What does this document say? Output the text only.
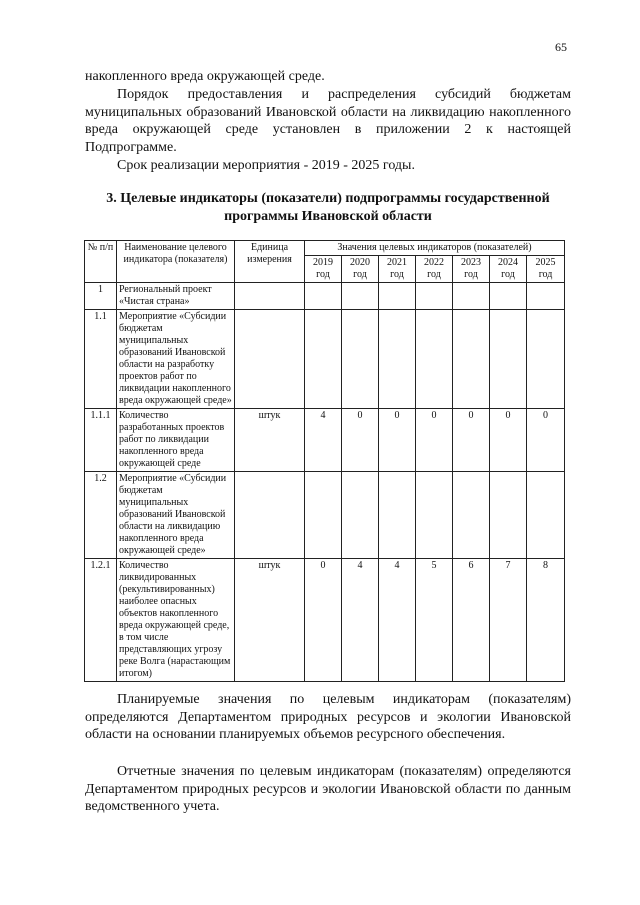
65

накопленного вреда окружающей среде.

Порядок предоставления и распределения субсидий бюджетам муниципальных образований Ивановской области на ликвидацию накопленного вреда окружающей среде установлен в приложении 2 к настоящей Подпрограмме.

Срок реализации мероприятия - 2019 - 2025 годы.

3. Целевые индикаторы (показатели) подпрограммы государственной программы Ивановской области

№ п/п	Наименование целевого индикатора (показателя)	Единица измерения	Значения целевых индикаторов (показателей)						
			2019 год	2020 год	2021 год	2022 год	2023 год	2024 год	2025 год
1	Региональный проект «Чистая страна»								
1.1	Мероприятие «Субсидии бюджетам муниципальных образований Ивановской области на разработку проектов работ по ликвидации накопленного вреда окружающей среде»								
1.1.1	Количество разработанных проектов работ по ликвидации накопленного вреда окружающей среде	штук	4	0	0	0	0	0	0
1.2	Мероприятие «Субсидии бюджетам муниципальных образований Ивановской области на ликвидацию накопленного вреда окружающей среде»								
1.2.1	Количество ликвидированных (рекультивированных) наиболее опасных объектов накопленного вреда окружающей среде, в том числе представляющих угрозу реке Волга (нарастающим итогом)	штук	0	4	4	5	6	7	8

Планируемые значения по целевым индикаторам (показателям) определяются Департаментом природных ресурсов и экологии Ивановской области на основании планируемых объемов ресурсного обеспечения.

Отчетные значения по целевым индикаторам (показателям) определяются Департаментом природных ресурсов и экологии Ивановской области по данным ведомственного учета.
